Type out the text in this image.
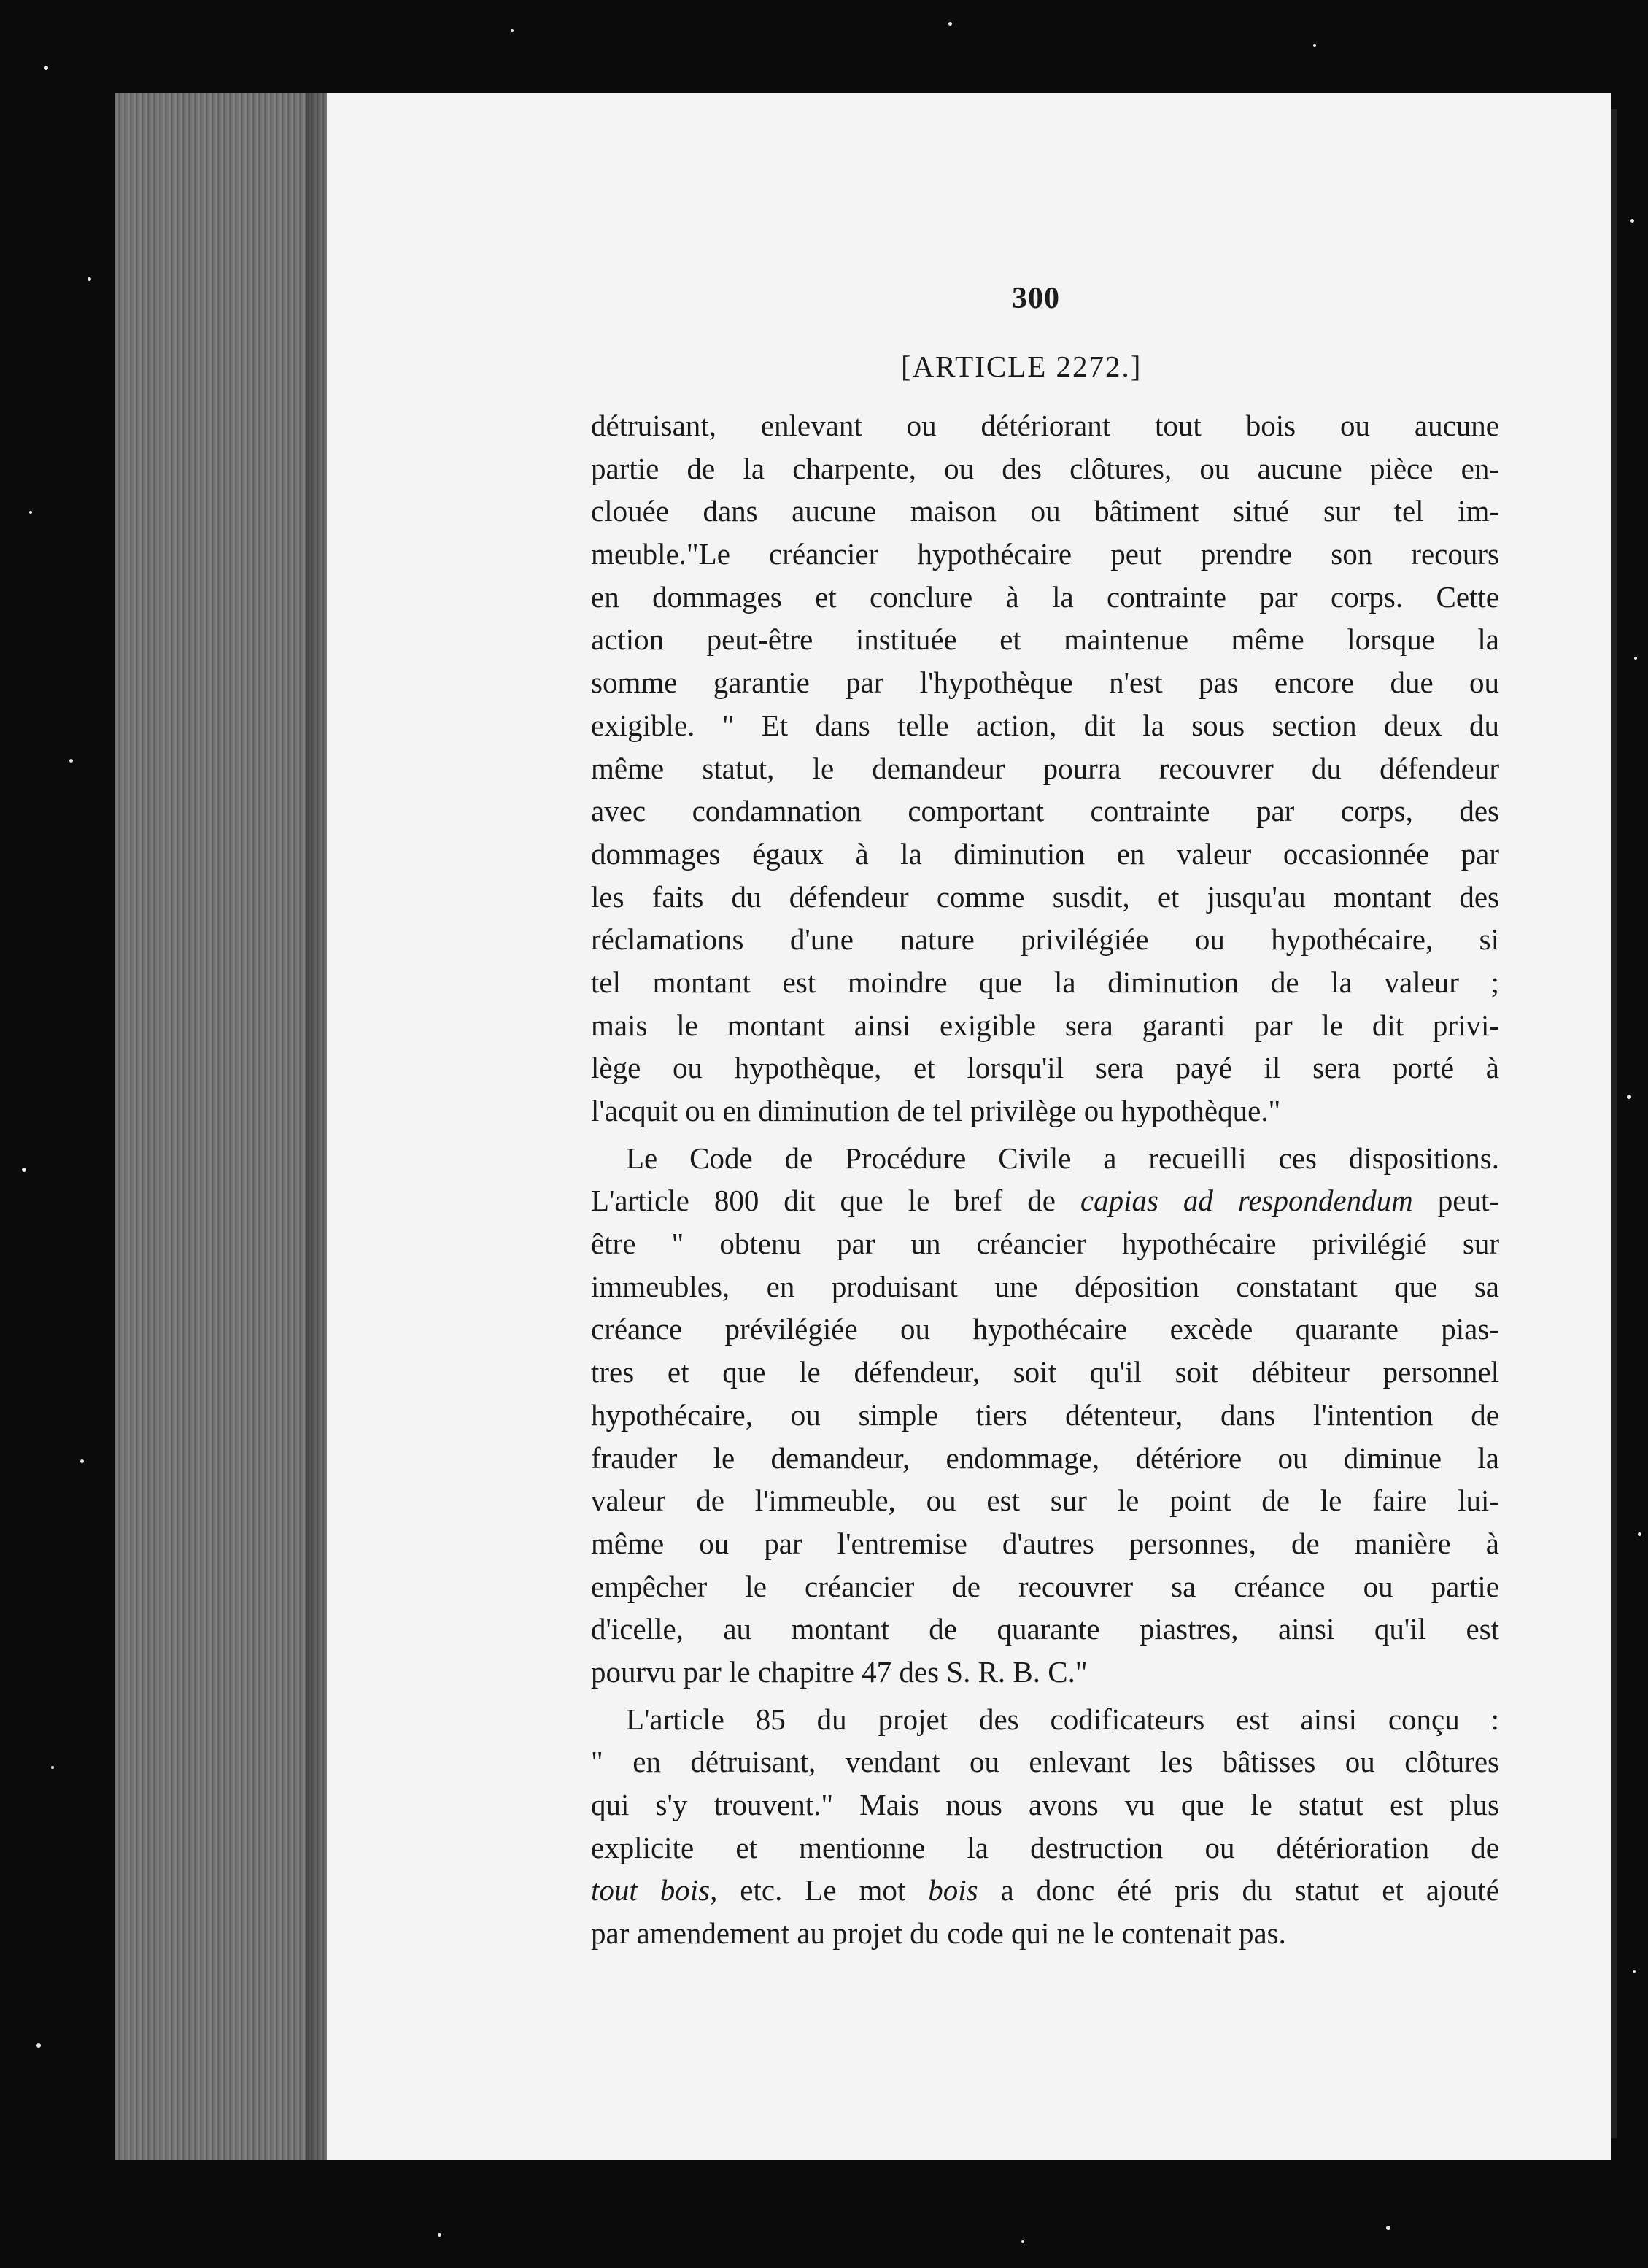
300
[ARTICLE 2272.]
détruisant, enlevant ou détériorant tout bois ou aucune
partie de la charpente, ou des clôtures, ou aucune pièce en-
clouée dans aucune maison ou bâtiment situé sur tel im-
meuble."Le créancier hypothécaire peut prendre son recours
en dommages et conclure à la contrainte par corps. Cette
action peut-être instituée et maintenue même lorsque la
somme garantie par l'hypothèque n'est pas encore due ou
exigible. " Et dans telle action, dit la sous section deux du
même statut, le demandeur pourra recouvrer du défendeur
avec condamnation comportant contrainte par corps, des
dommages égaux à la diminution en valeur occasionnée par
les faits du défendeur comme susdit, et jusqu'au montant des
réclamations d'une nature privilégiée ou hypothécaire, si
tel montant est moindre que la diminution de la valeur ;
mais le montant ainsi exigible sera garanti par le dit privi-
lège ou hypothèque, et lorsqu'il sera payé il sera porté à
l'acquit ou en diminution de tel privilège ou hypothèque."
Le Code de Procédure Civile a recueilli ces dispositions.
L'article 800 dit que le bref de capias ad respondendum peut-
être " obtenu par un créancier hypothécaire privilégié sur
immeubles, en produisant une déposition constatant que sa
créance prévilégiée ou hypothécaire excède quarante pias-
tres et que le défendeur, soit qu'il soit débiteur personnel
hypothécaire, ou simple tiers détenteur, dans l'intention de
frauder le demandeur, endommage, détériore ou diminue la
valeur de l'immeuble, ou est sur le point de le faire lui-
même ou par l'entremise d'autres personnes, de manière à
empêcher le créancier de recouvrer sa créance ou partie
d'icelle, au montant de quarante piastres, ainsi qu'il est
pourvu par le chapitre 47 des S. R. B. C."
L'article 85 du projet des codificateurs est ainsi conçu :
" en détruisant, vendant ou enlevant les bâtisses ou clôtures
qui s'y trouvent." Mais nous avons vu que le statut est plus
explicite et mentionne la destruction ou détérioration de
tout bois, etc. Le mot bois a donc été pris du statut et ajouté
par amendement au projet du code qui ne le contenait pas.
